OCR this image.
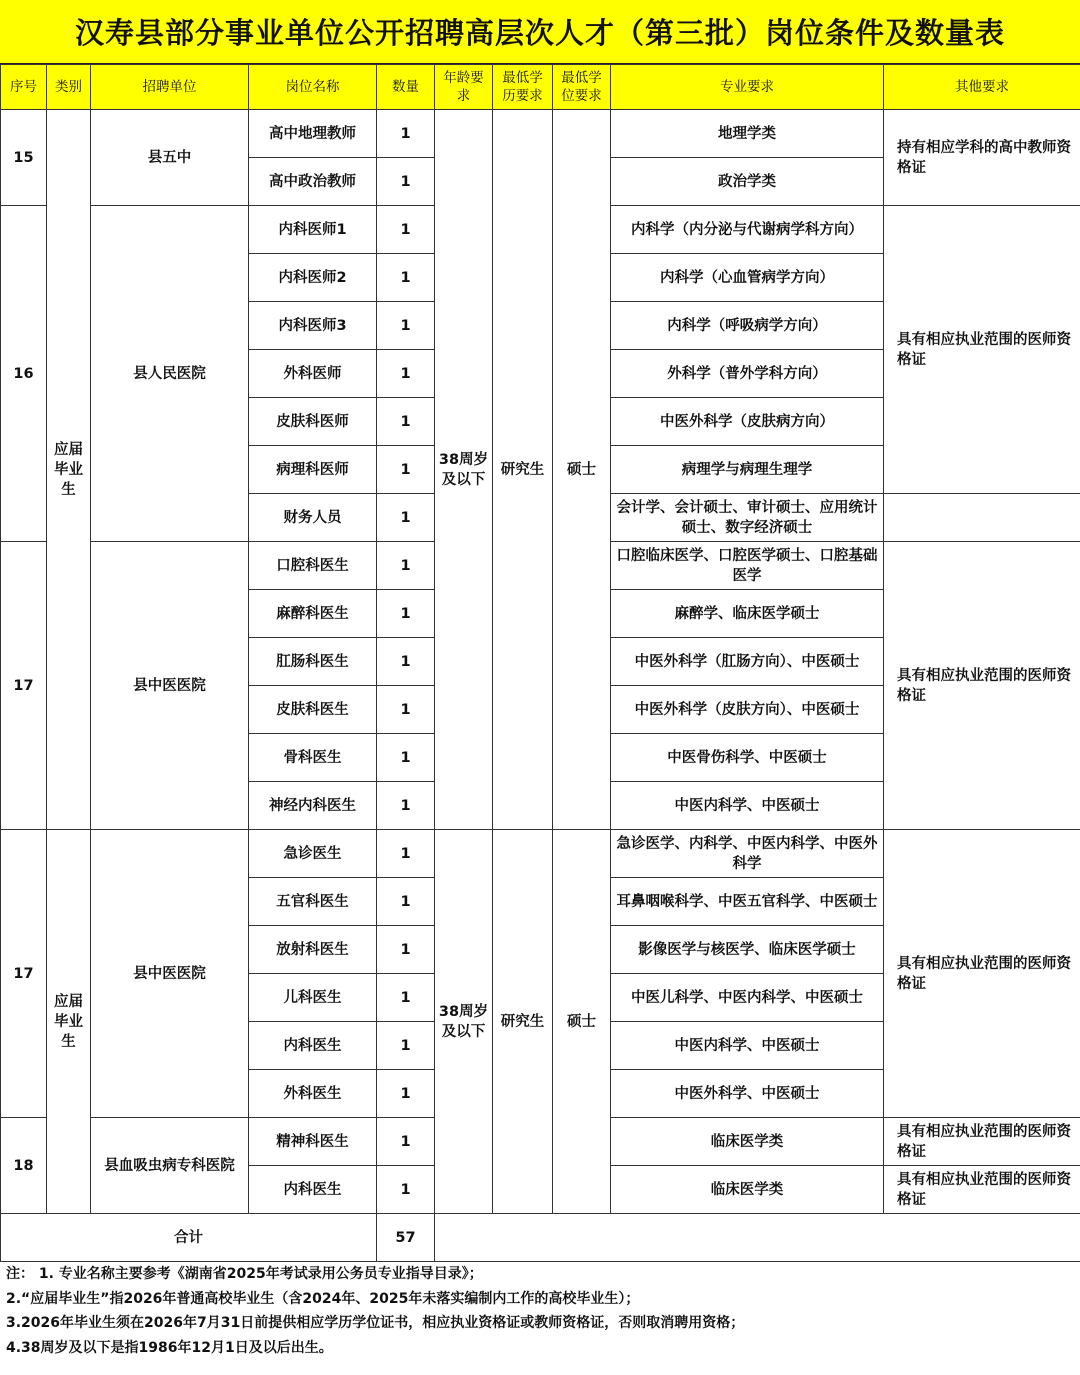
汉寿县部分事业单位公开招聘高层次人才（第三批）岗位条件及数量表
序号	类别	招聘单位	岗位名称	数量	年龄要求	最低学历要求	最低学位要求	专业要求	其他要求
15	应届毕业生	县五中	高中地理教师	1	38周岁及以下	研究生	硕士	地理学类	持有相应学科的高中教师资格证

			高中政治教师	1				政治学类	
16		县人民医院	内科医师1	1				内科学（内分泌与代谢病学科方向）	具有相应执业范围的医师资格证

			内科医师2	1				内科学（心血管病学方向）	
			内科医师3	1				内科学（呼吸病学方向）	
			外科医师	1				外科学（普外学科方向）	
			皮肤科医师	1				中医外科学（皮肤病方向）	
			病理科医师	1				病理学与病理生理学	
			财务人员	1				会计学、会计硕士、审计硕士、应用统计硕士、数字经济硕士	
17		县中医医院	口腔科医生	1				口腔临床医学、口腔医学硕士、口腔基础医学	具有相应执业范围的医师资格证

			麻醉科医生	1				麻醉学、临床医学硕士	
			肛肠科医生	1				中医外科学（肛肠方向）、中医硕士	
			皮肤科医生	1				中医外科学（皮肤方向）、中医硕士	
			骨科医生	1				中医骨伤科学、中医硕士	
			神经内科医生	1				中医内科学、中医硕士	
17	应届毕业生	县中医医院	急诊医生	1	38周岁及以下	研究生	硕士	急诊医学、内科学、中医内科学、中医外科学	具有相应执业范围的医师资格证

			五官科医生	1				耳鼻咽喉科学、中医五官科学、中医硕士	
			放射科医生	1				影像医学与核医学、临床医学硕士	
			儿科医生	1				中医儿科学、中医内科学、中医硕士	
			内科医生	1				中医内科学、中医硕士	
			外科医生	1				中医外科学、中医硕士	
18		县血吸虫病专科医院	精神科医生	1				临床医学类	具有相应执业范围的医师资格证

			内科医生	1				临床医学类	具有相应执业范围的医师资格证

合计				57					
注： 1. 专业名称主要参考《湖南省2025年考试录用公务员专业指导目录》；
2.“应届毕业生”指2026年普通高校毕业生（含2024年、2025年未落实编制内工作的高校毕业生）；
3.2026年毕业生须在2026年7月31日前提供相应学历学位证书，相应执业资格证或教师资格证，否则取消聘用资格；
4.38周岁及以下是指1986年12月1日及以后出生。
